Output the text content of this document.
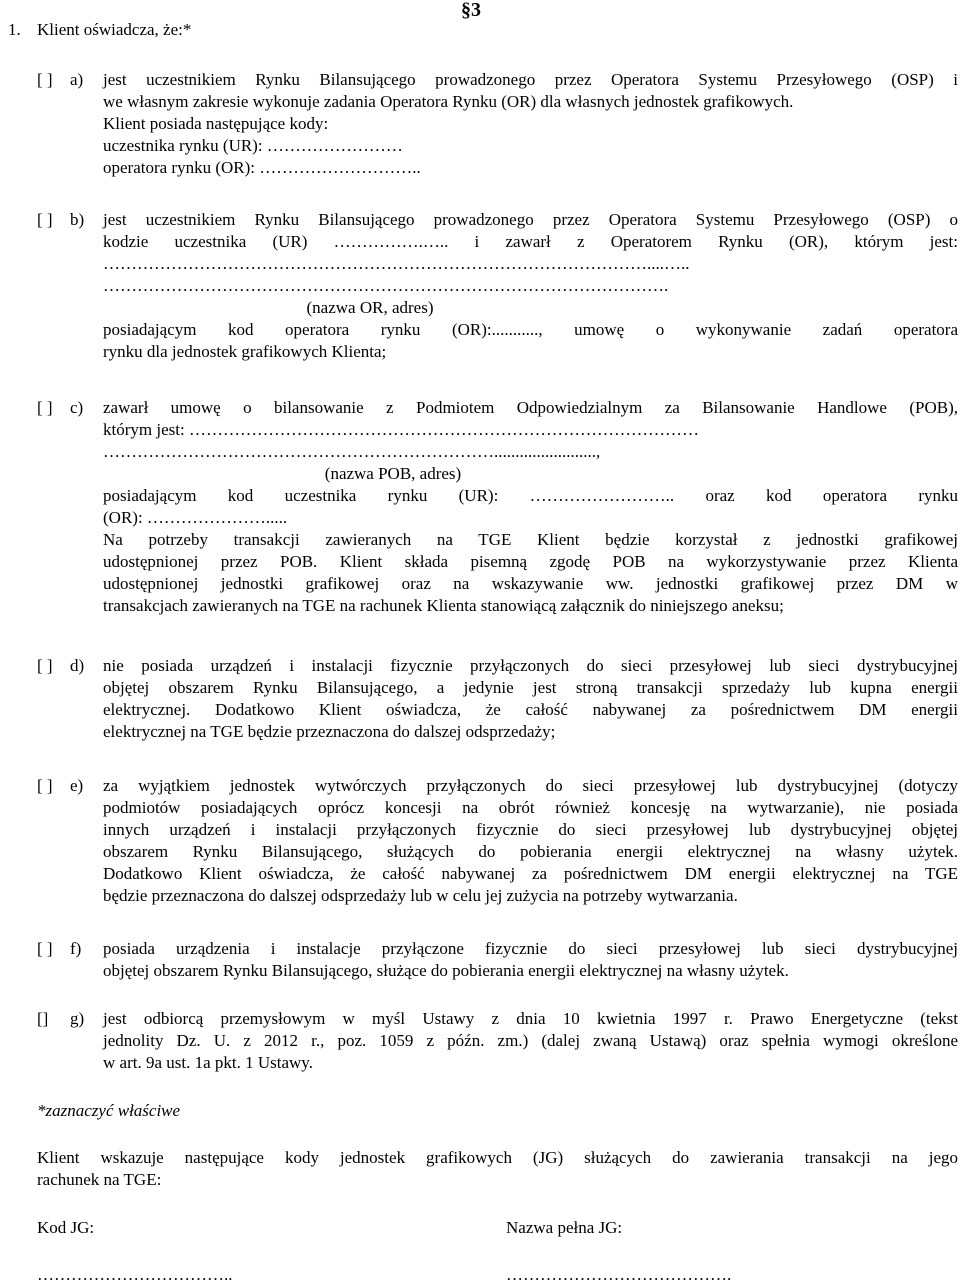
1. Klient oświadcza, że:*
§3
[ ] a) jest uczestnikiem Rynku Bilansującego prowadzonego przez Operatora Systemu Przesyłowego (OSP) i
we własnym zakresie wykonuje zadania Operatora Rynku (OR) dla własnych jednostek grafikowych.
Klient posiada następujące kody:
uczestnika rynku (UR): ……………………
operatora rynku (OR): ………………………..
[ ] b) jest uczestnikiem Rynku Bilansującego prowadzonego przez Operatora Systemu Przesyłowego (OSP) o
kodzie uczestnika (UR) …………….….. i zawarł z Operatorem Rynku (OR), którym jest:
……………………………………………………………………………………....…..
……………………………………………………………………………………….
(nazwa OR, adres)
posiadającym kod operatora rynku (OR):..........., umowę o wykonywanie zadań operatora
rynku dla jednostek grafikowych Klienta;
[ ] c) zawarł umowę o bilansowanie z Podmiotem Odpowiedzialnym za Bilansowanie Handlowe (POB),
którym jest: ………………………………………………………………………………
……………………………………………………………........................,
(nazwa POB, adres)
posiadającym kod uczestnika rynku (UR): …………………….. oraz kod operatora rynku
(OR): ………………….....
Na potrzeby transakcji zawieranych na TGE Klient będzie korzystał z jednostki grafikowej
udostępnionej przez POB. Klient składa pisemną zgodę POB na wykorzystywanie przez Klienta
udostępnionej jednostki grafikowej oraz na wskazywanie ww. jednostki grafikowej przez DM w
transakcjach zawieranych na TGE na rachunek Klienta stanowiącą załącznik do niniejszego aneksu;
[ ] d) nie posiada urządzeń i instalacji fizycznie przyłączonych do sieci przesyłowej lub sieci dystrybucyjnej
objętej obszarem Rynku Bilansującego, a jedynie jest stroną transakcji sprzedaży lub kupna energii
elektrycznej. Dodatkowo Klient oświadcza, że całość nabywanej za pośrednictwem DM energii
elektrycznej na TGE będzie przeznaczona do dalszej odsprzedaży;
[ ] e) za wyjątkiem jednostek wytwórczych przyłączonych do sieci przesyłowej lub dystrybucyjnej (dotyczy
podmiotów posiadających oprócz koncesji na obrót również koncesję na wytwarzanie), nie posiada
innych urządzeń i instalacji przyłączonych fizycznie do sieci przesyłowej lub dystrybucyjnej objętej
obszarem Rynku Bilansującego, służących do pobierania energii elektrycznej na własny użytek.
Dodatkowo Klient oświadcza, że całość nabywanej za pośrednictwem DM energii elektrycznej na TGE
będzie przeznaczona do dalszej odsprzedaży lub w celu jej zużycia na potrzeby wytwarzania.
[ ] f) posiada urządzenia i instalacje przyłączone fizycznie do sieci przesyłowej lub sieci dystrybucyjnej
objętej obszarem Rynku Bilansującego, służące do pobierania energii elektrycznej na własny użytek.
[] g) jest odbiorcą przemysłowym w myśl Ustawy z dnia 10 kwietnia 1997 r. Prawo Energetyczne (tekst
jednolity Dz. U. z 2012 r., poz. 1059 z późn. zm.) (dalej zwaną Ustawą) oraz spełnia wymogi określone
w art. 9a ust. 1a pkt. 1 Ustawy.
*zaznaczyć właściwe
Klient wskazuje następujące kody jednostek grafikowych (JG) służących do zawierania transakcji na jego
rachunek na TGE:
Kod JG:	Nazwa pełna JG:
……………………………..	………………………………….
